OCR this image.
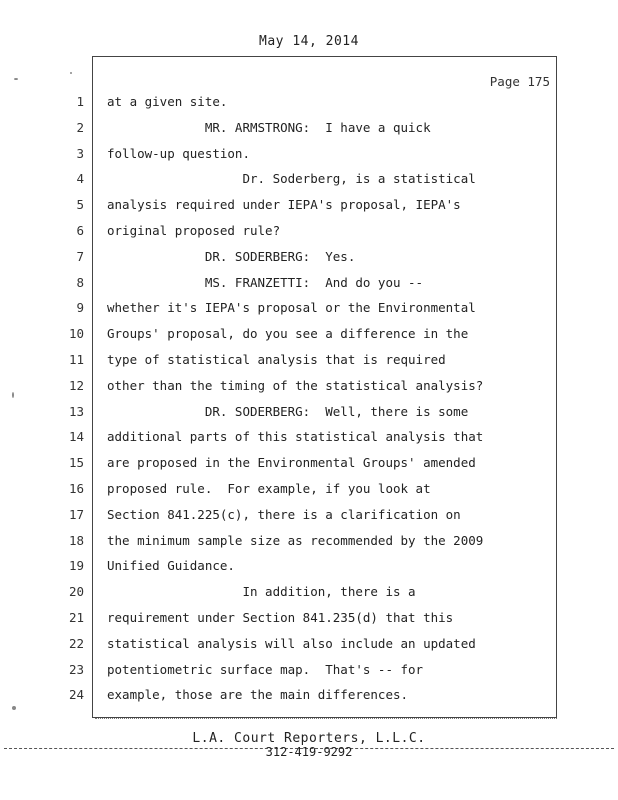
May 14, 2014
Page 175
1 at a given site.
2 MR. ARMSTRONG:  I have a quick
3 follow-up question.
4 Dr. Soderberg, is a statistical
5 analysis required under IEPA's proposal, IEPA's
6 original proposed rule?
7 DR. SODERBERG:  Yes.
8 MS. FRANZETTI:  And do you --
9 whether it's IEPA's proposal or the Environmental
10 Groups' proposal, do you see a difference in the
11 type of statistical analysis that is required
12 other than the timing of the statistical analysis?
13 DR. SODERBERG:  Well, there is some
14 additional parts of this statistical analysis that
15 are proposed in the Environmental Groups' amended
16 proposed rule.  For example, if you look at
17 Section 841.225(c), there is a clarification on
18 the minimum sample size as recommended by the 2009
19 Unified Guidance.
20 In addition, there is a
21 requirement under Section 841.235(d) that this
22 statistical analysis will also include an updated
23 potentiometric surface map.  That's -- for
24 example, those are the main differences.
L.A. Court Reporters, L.L.C.
312-419-9292
